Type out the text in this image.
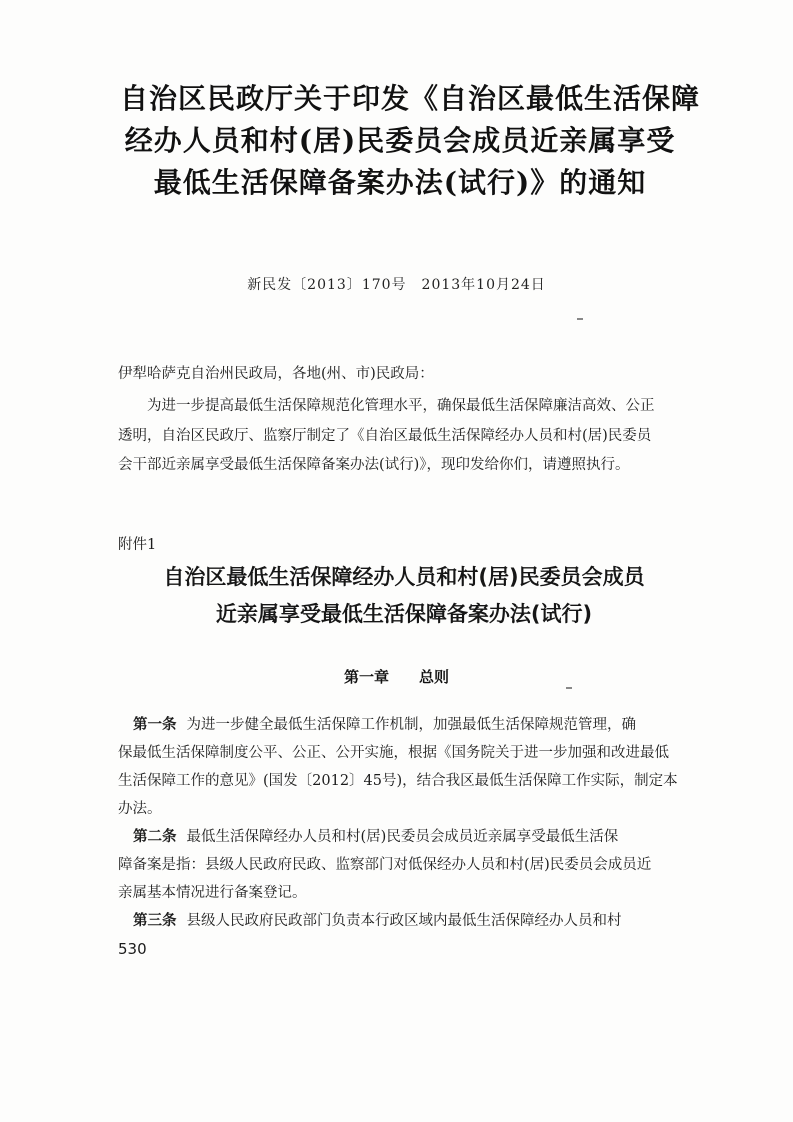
自治区民政厅关于印发《自治区最低生活保障
经办人员和村(居)民委员会成员近亲属享受
最低生活保障备案办法(试行)》的通知
新民发〔2013〕170号　2013年10月24日
伊犁哈萨克自治州民政局，各地(州、市)民政局：
　　为进一步提高最低生活保障规范化管理水平，确保最低生活保障廉洁高效、公正
透明，自治区民政厅、监察厅制定了《自治区最低生活保障经办人员和村(居)民委员
会干部近亲属享受最低生活保障备案办法(试行)》，现印发给你们，请遵照执行。
附件1
自治区最低生活保障经办人员和村(居)民委员会成员
近亲属享受最低生活保障备案办法(试行)
第一章　　总则
第一条 为进一步健全最低生活保障工作机制，加强最低生活保障规范管理，确
保最低生活保障制度公平、公正、公开实施，根据《国务院关于进一步加强和改进最低
生活保障工作的意见》(国发〔2012〕45号)，结合我区最低生活保障工作实际，制定本
办法。
第二条 最低生活保障经办人员和村(居)民委员会成员近亲属享受最低生活保
障备案是指：县级人民政府民政、监察部门对低保经办人员和村(居)民委员会成员近
亲属基本情况进行备案登记。
第三条 县级人民政府民政部门负责本行政区域内最低生活保障经办人员和村
530
